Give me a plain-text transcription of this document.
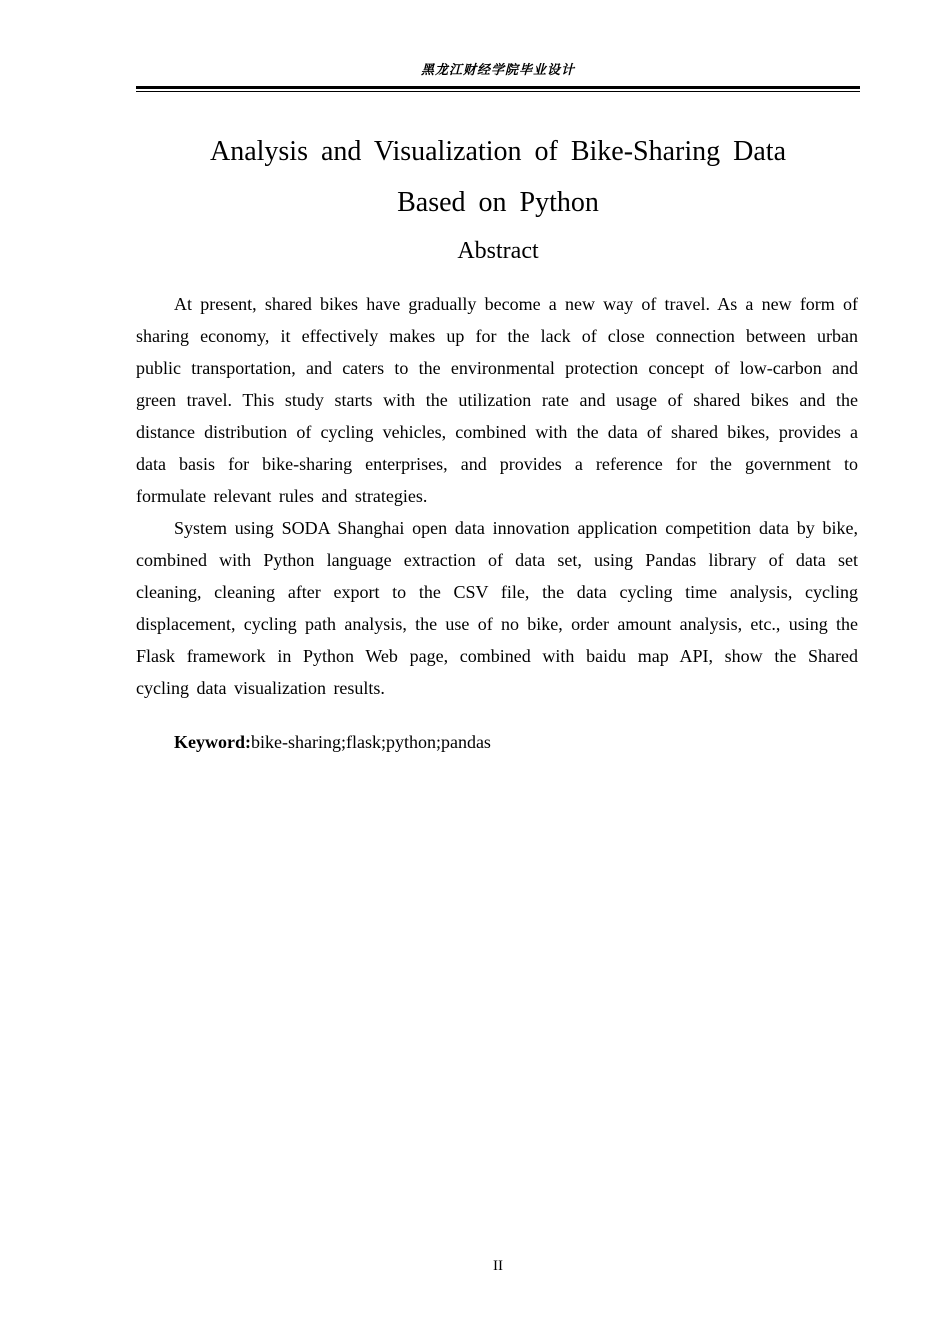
黑龙江财经学院毕业设计
Analysis and Visualization of Bike-Sharing Data
Based on Python
Abstract

At present, shared bikes have gradually become a new way of travel. As a new form of sharing economy, it effectively makes up for the lack of close connection between urban public transportation, and caters to the environmental protection concept of low-carbon and green travel. This study starts with the utilization rate and usage of shared bikes and the distance distribution of cycling vehicles, combined with the data of shared bikes, provides a data basis for bike-sharing enterprises, and provides a reference for the government to formulate relevant rules and strategies.

System using SODA Shanghai open data innovation application competition data by bike, combined with Python language extraction of data set, using Pandas library of data set cleaning, cleaning after export to the CSV file, the data cycling time analysis, cycling displacement, cycling path analysis, the use of no bike, order amount analysis, etc., using the Flask framework in Python Web page, combined with baidu map API, show the Shared cycling data visualization results.

Keyword:bike-sharing;flask;python;pandas
II
